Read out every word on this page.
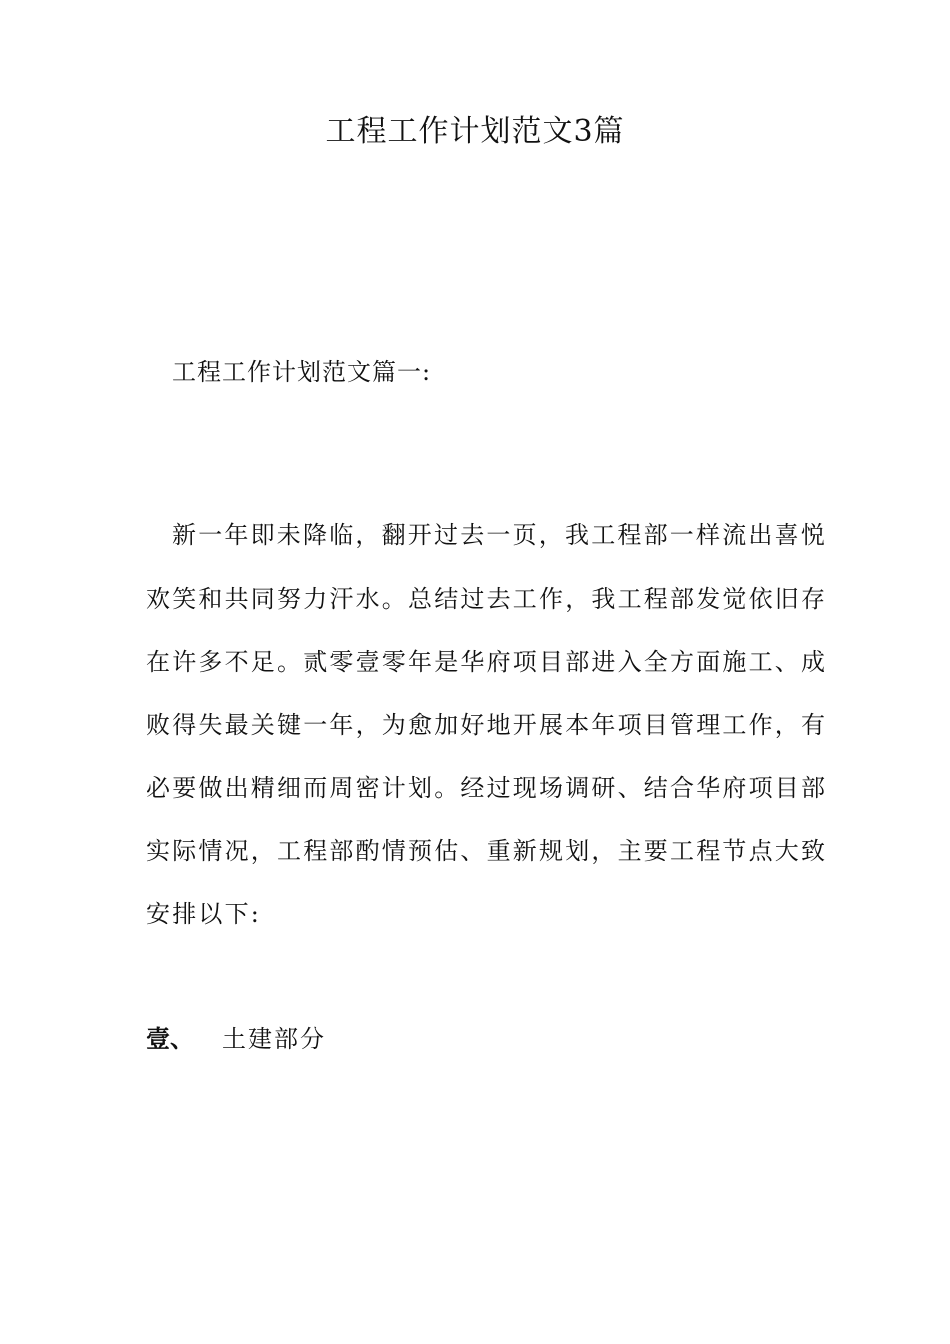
工程工作计划范文3篇

工程工作计划范文篇一:

新一年即未降临，翻开过去一页，我工程部一样流出喜悦
欢笑和共同努力汗水。总结过去工作，我工程部发觉依旧存
在许多不足。贰零壹零年是华府项目部进入全方面施工、成
败得失最关键一年，为愈加好地开展本年项目管理工作，有
必要做出精细而周密计划。经过现场调研、结合华府项目部
实际情况，工程部酌情预估、重新规划，主要工程节点大致
安排以下:

壹、 土建部分
